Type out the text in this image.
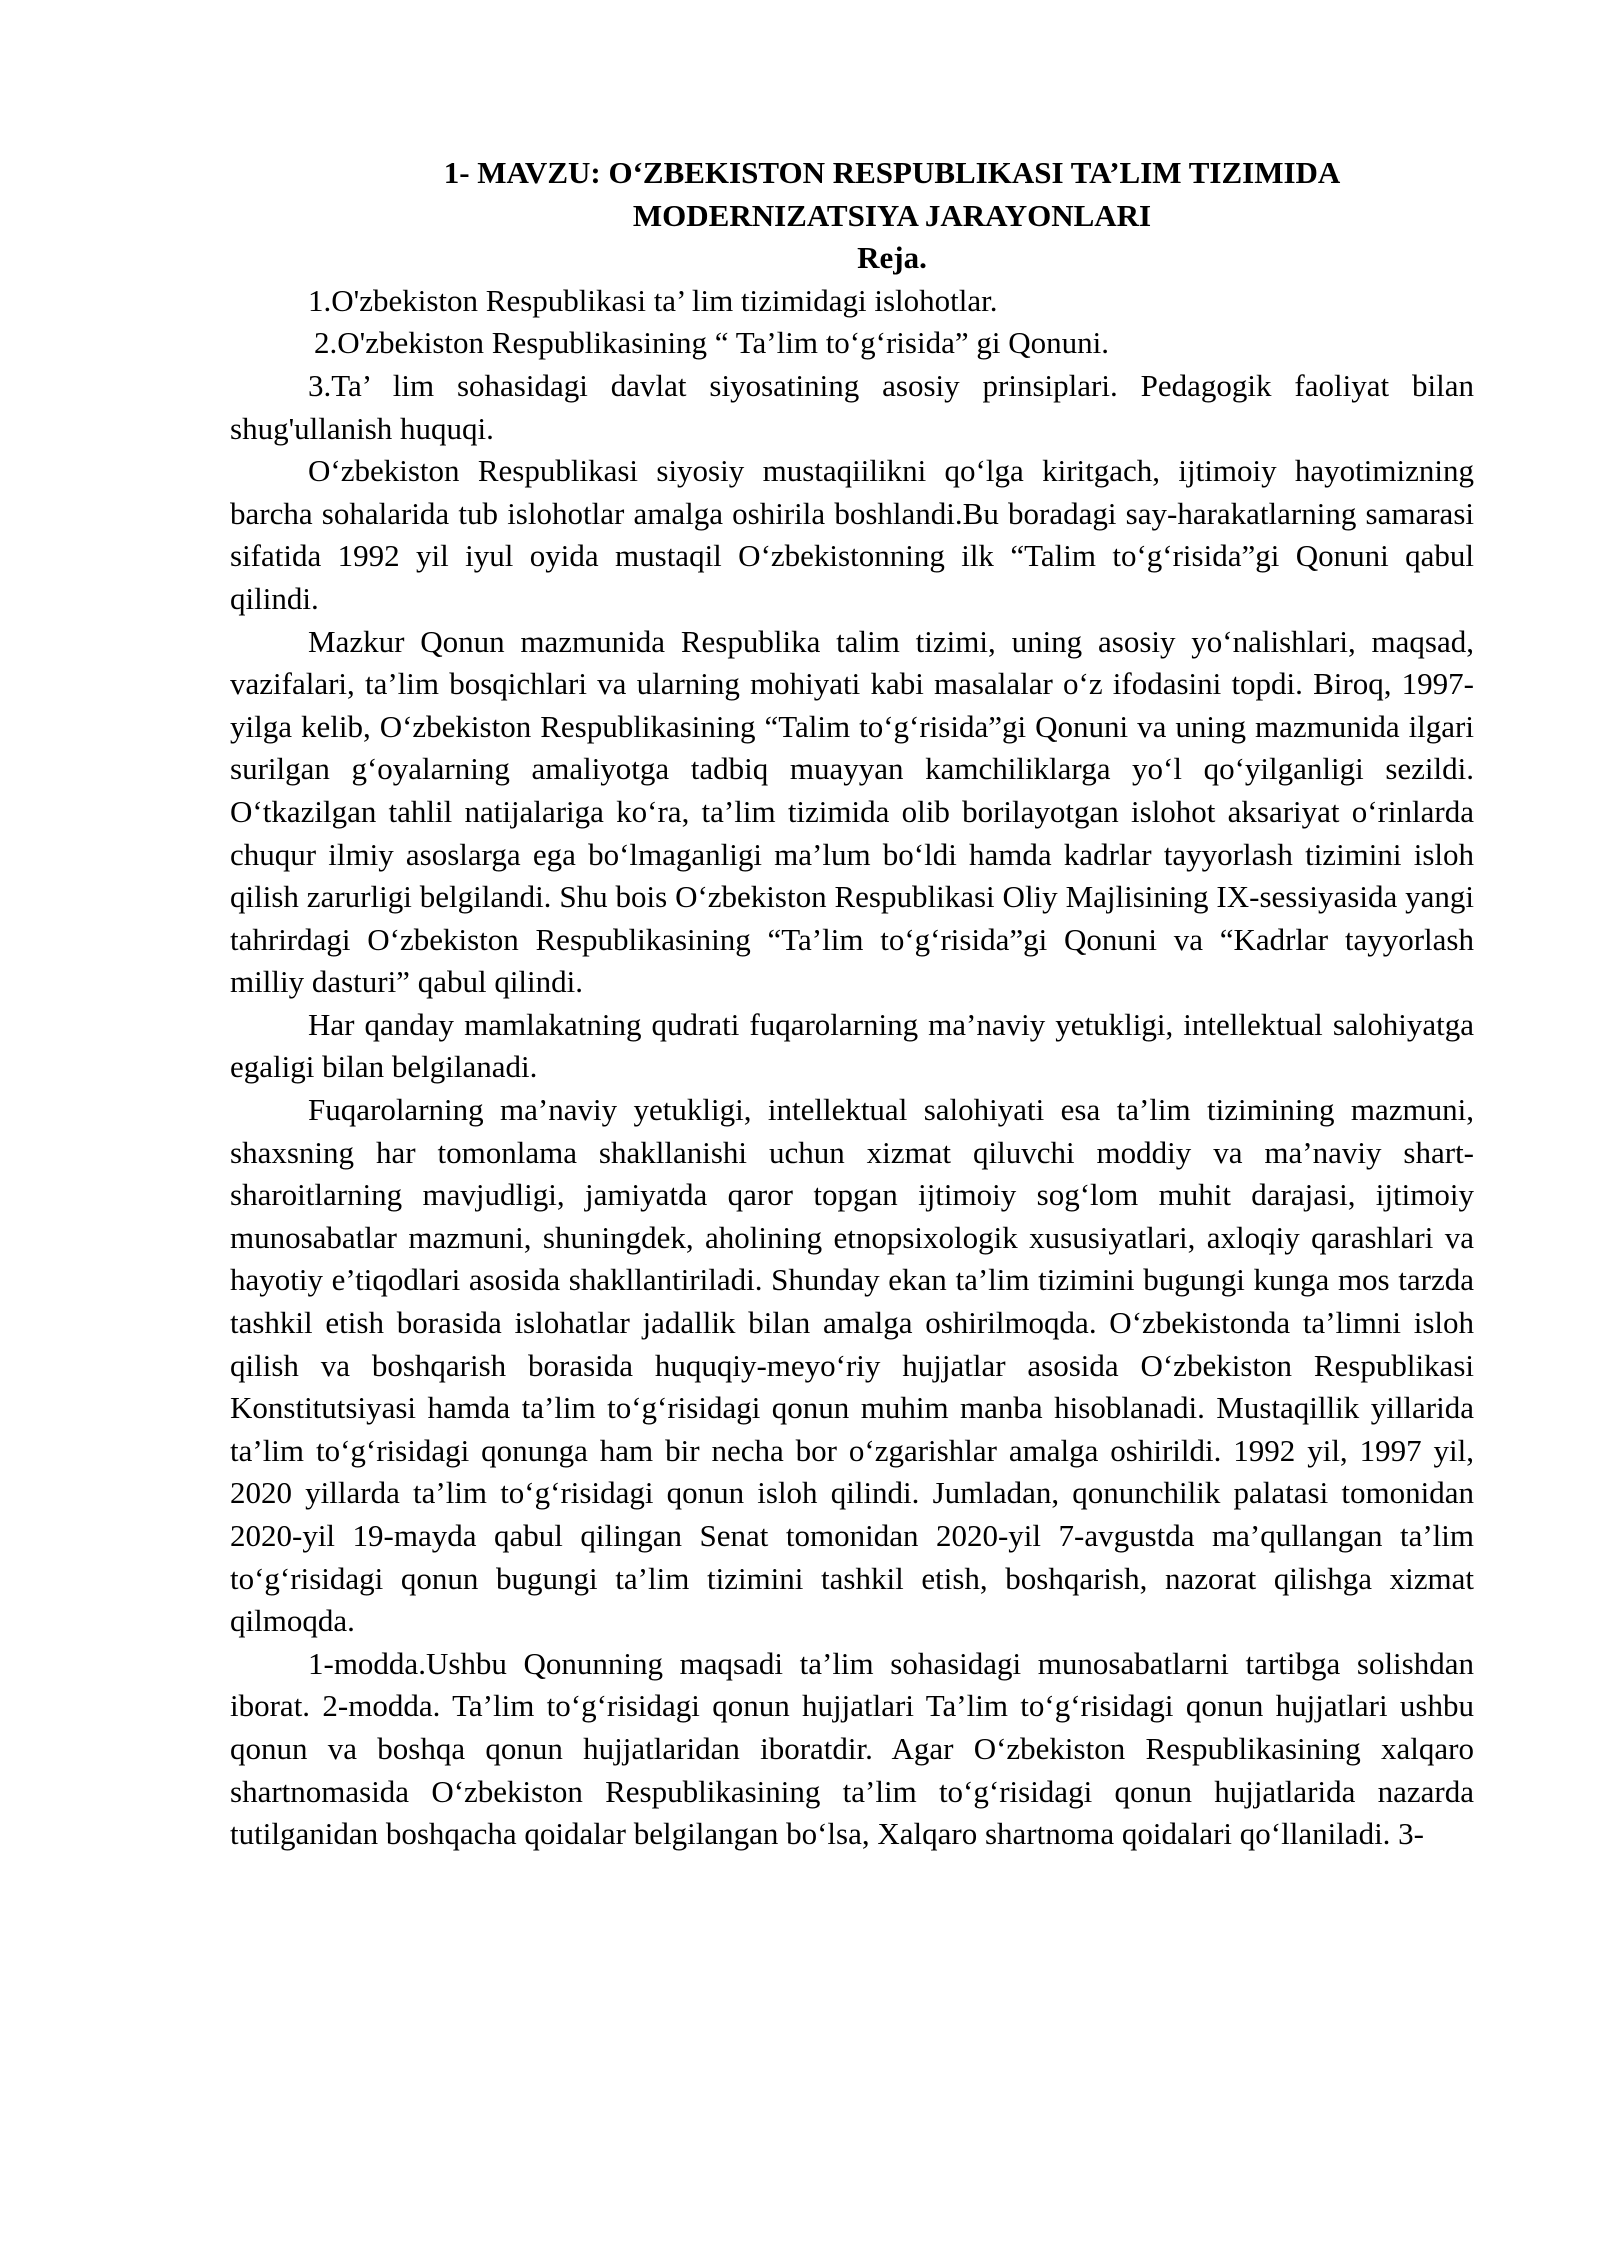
1- MAVZU: O‘ZBEKISTON RESPUBLIKASI TA’LIM TIZIMIDA

MODERNIZATSIYA JARAYONLARI

Reja.

1.O'zbekiston Respublikasi ta’ lim tizimidagi islohotlar.

2.O'zbekiston Respublikasining “ Ta’lim to‘g‘risida” gi Qonuni.

3.Ta’ lim sohasidagi davlat siyosatining asosiy prinsiplari. Pedagogik faoliyat bilan shug'ullanish huquqi.

O‘zbekiston Respublikasi siyosiy mustaqiilikni qo‘lga kiritgach, ijtimoiy hayotimizning barcha sohalarida tub islohotlar amalga oshirila boshlandi.Bu boradagi say-harakatlarning samarasi sifatida 1992 yil iyul oyida mustaqil O‘zbekistonning ilk “Talim to‘g‘risida”gi Qonuni qabul qilindi.

Mazkur Qonun mazmunida Respublika talim tizimi, uning asosiy yo‘nalishlari, maqsad, vazifalari, ta’lim bosqichlari va ularning mohiyati kabi masalalar o‘z ifodasini topdi. Biroq, 1997-yilga kelib, O‘zbekiston Respublikasining “Talim to‘g‘risida”gi Qonuni va uning mazmunida ilgari surilgan g‘oyalarning amaliyotga tadbiq muayyan kamchiliklarga yo‘l qo‘yilganligi sezildi. O‘tkazilgan tahlil natijalariga ko‘ra, ta’lim tizimida olib borilayotgan islohot aksariyat o‘rinlarda chuqur ilmiy asoslarga ega bo‘lmaganligi ma’lum bo‘ldi hamda kadrlar tayyorlash tizimini isloh qilish zarurligi belgilandi. Shu bois O‘zbekiston Respublikasi Oliy Majlisining IX-sessiyasida yangi tahrirdagi O‘zbekiston Respublikasining “Ta’lim to‘g‘risida”gi Qonuni va “Kadrlar tayyorlash milliy dasturi” qabul qilindi.

Har qanday mamlakatning qudrati fuqarolarning ma’naviy yetukligi, intellektual salohiyatga egaligi bilan belgilanadi.

Fuqarolarning ma’naviy yetukligi, intellektual salohiyati esa ta’lim tizimining mazmuni, shaxsning har tomonlama shakllanishi uchun xizmat qiluvchi moddiy va ma’naviy shart-sharoitlarning mavjudligi, jamiyatda qaror topgan ijtimoiy sog‘lom muhit darajasi, ijtimoiy munosabatlar mazmuni, shuningdek, aholining etnopsixologik xususiyatlari, axloqiy qarashlari va hayotiy e’tiqodlari asosida shakllantiriladi. Shunday ekan ta’lim tizimini bugungi kunga mos tarzda tashkil etish borasida islohatlar jadallik bilan amalga oshirilmoqda. O‘zbekistonda ta’limni isloh qilish va boshqarish borasida huquqiy-meyo‘riy hujjatlar asosida O‘zbekiston Respublikasi Konstitutsiyasi hamda ta’lim to‘g‘risidagi qonun muhim manba hisoblanadi. Mustaqillik yillarida ta’lim to‘g‘risidagi qonunga ham bir necha bor o‘zgarishlar amalga oshirildi. 1992 yil, 1997 yil, 2020 yillarda ta’lim to‘g‘risidagi qonun isloh qilindi. Jumladan, qonunchilik palatasi tomonidan 2020-yil 19-mayda qabul qilingan Senat tomonidan 2020-yil 7-avgustda ma’qullangan ta’lim to‘g‘risidagi qonun bugungi ta’lim tizimini tashkil etish, boshqarish, nazorat qilishga xizmat qilmoqda.

1-modda.Ushbu Qonunning maqsadi ta’lim sohasidagi munosabatlarni tartibga solishdan iborat. 2-modda. Ta’lim to‘g‘risidagi qonun hujjatlari Ta’lim to‘g‘risidagi qonun hujjatlari ushbu qonun va boshqa qonun hujjatlaridan iboratdir. Agar O‘zbekiston Respublikasining xalqaro shartnomasida O‘zbekiston Respublikasining ta’lim to‘g‘risidagi qonun hujjatlarida nazarda tutilganidan boshqacha qoidalar belgilangan bo‘lsa, Xalqaro shartnoma qoidalari qo‘llaniladi. 3-
